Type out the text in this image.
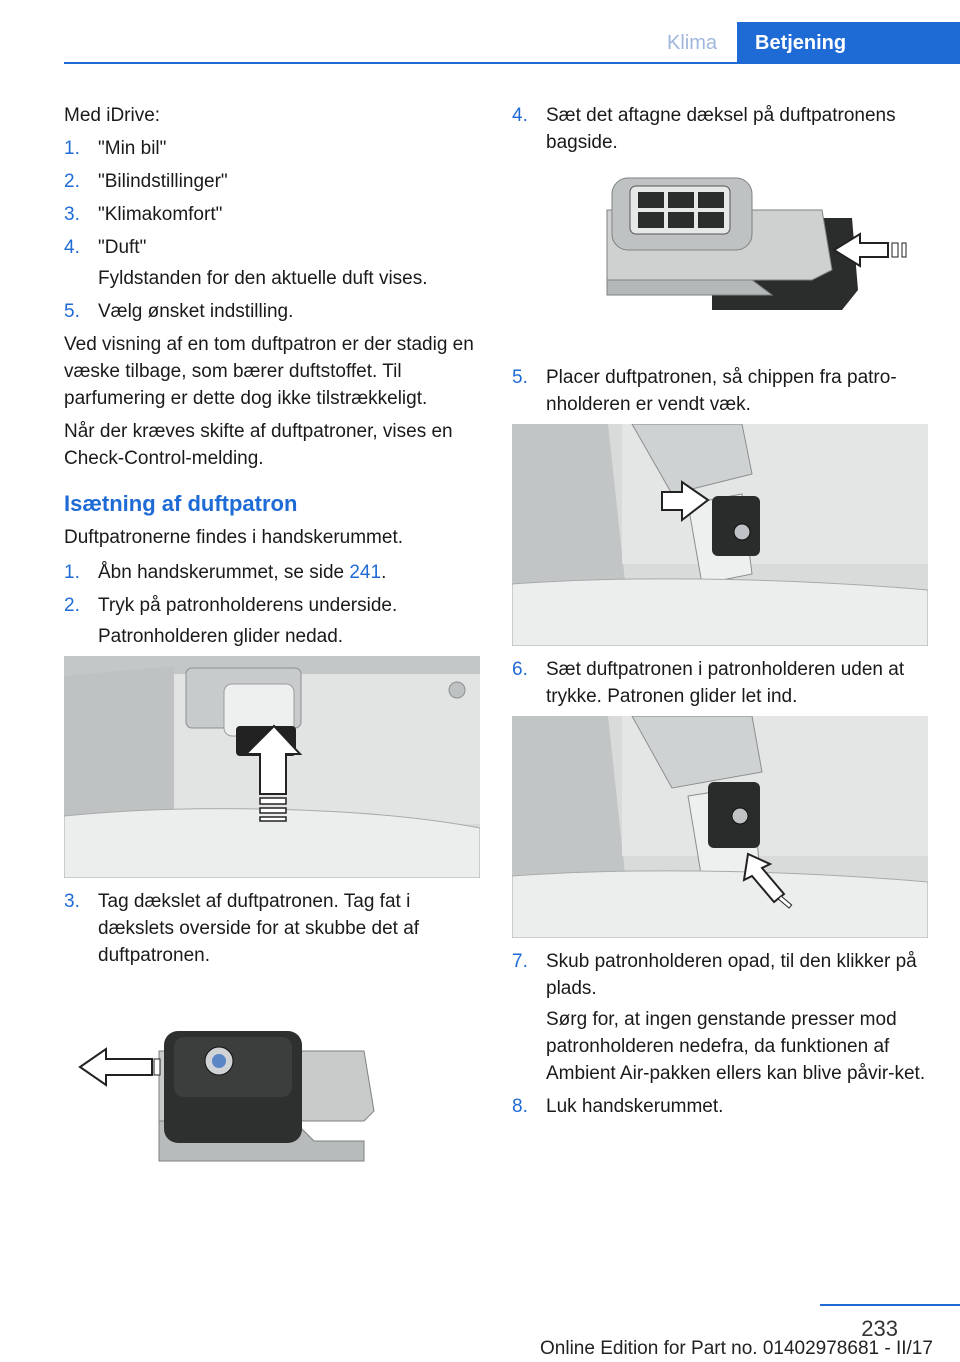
Klima	Betjening

Med iDrive:

1. "Min bil"
2. "Bilindstillinger"
3. "Klimakomfort"
4. "Duft"
Fyldstanden for den aktuelle duft vises.
5. Vælg ønsket indstilling.

Ved visning af en tom duftpatron er der stadig en væske tilbage, som bærer duftstoffet. Til parfumering er dette dog ikke tilstrækkeligt.

Når der kræves skifte af duftpatroner, vises en Check-Control-melding.

Isætning af duftpatron

Duftpatronerne findes i handskerummet.

1. Åbn handskerummet, se side 241.
2. Tryk på patronholderens underside.
Patronholderen glider nedad.
3. Tag dækslet af duftpatronen. Tag fat i dækslets overside for at skubbe det af duftpatronen.
4. Sæt det aftagne dæksel på duftpatronens bagside.
5. Placer duftpatronen, så chippen fra patro-nholderen er vendt væk.
6. Sæt duftpatronen i patronholderen uden at trykke. Patronen glider let ind.
7. Skub patronholderen opad, til den klikker på plads.
Sørg for, at ingen genstande presser mod patronholderen nedefra, da funktionen af Ambient Air-pakken ellers kan blive påvir-ket.
8. Luk handskerummet.
233
Online Edition for Part no. 01402978681 - II/17
